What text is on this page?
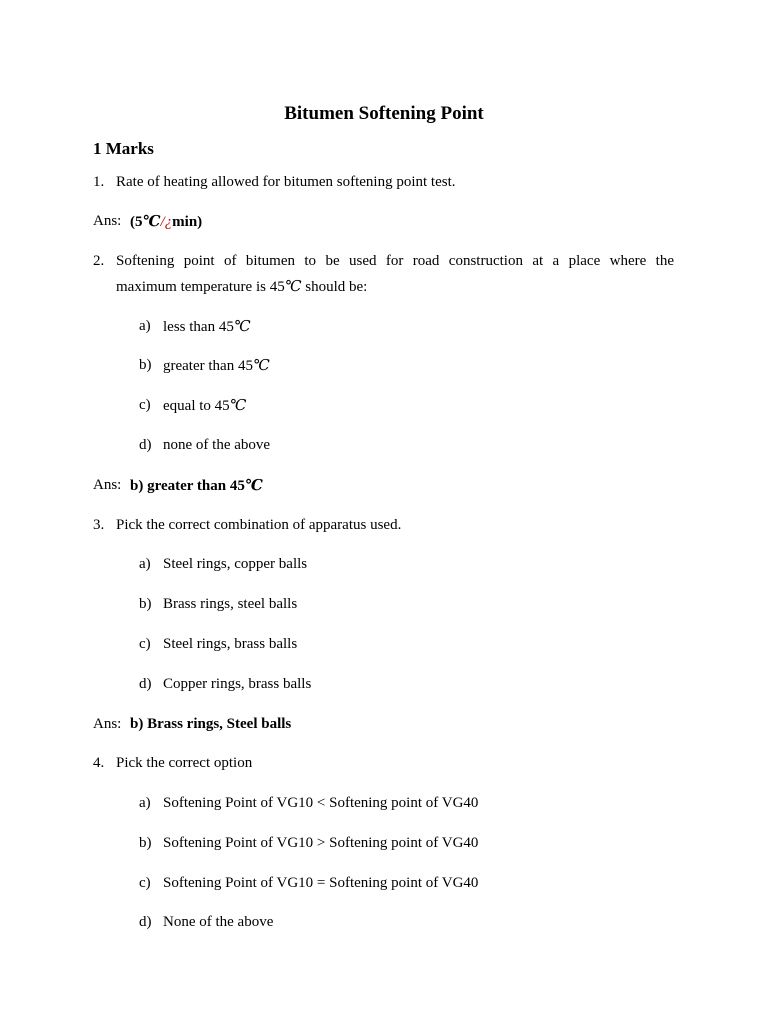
Bitumen Softening Point
1 Marks
1. Rate of heating allowed for bitumen softening point test.
Ans: (5℃/¿min)
2. Softening point of bitumen to be used for road construction at a place where the
maximum temperature is 45℃ should be:
a) less than 45℃
b) greater than 45℃
c) equal to 45℃
d) none of the above
Ans: b) greater than 45℃
3. Pick the correct combination of apparatus used.
a) Steel rings, copper balls
b) Brass rings, steel balls
c) Steel rings, brass balls
d) Copper rings, brass balls
Ans: b) Brass rings, Steel balls
4. Pick the correct option
a) Softening Point of VG10 < Softening point of VG40
b) Softening Point of VG10 > Softening point of VG40
c) Softening Point of VG10 = Softening point of VG40
d) None of the above
